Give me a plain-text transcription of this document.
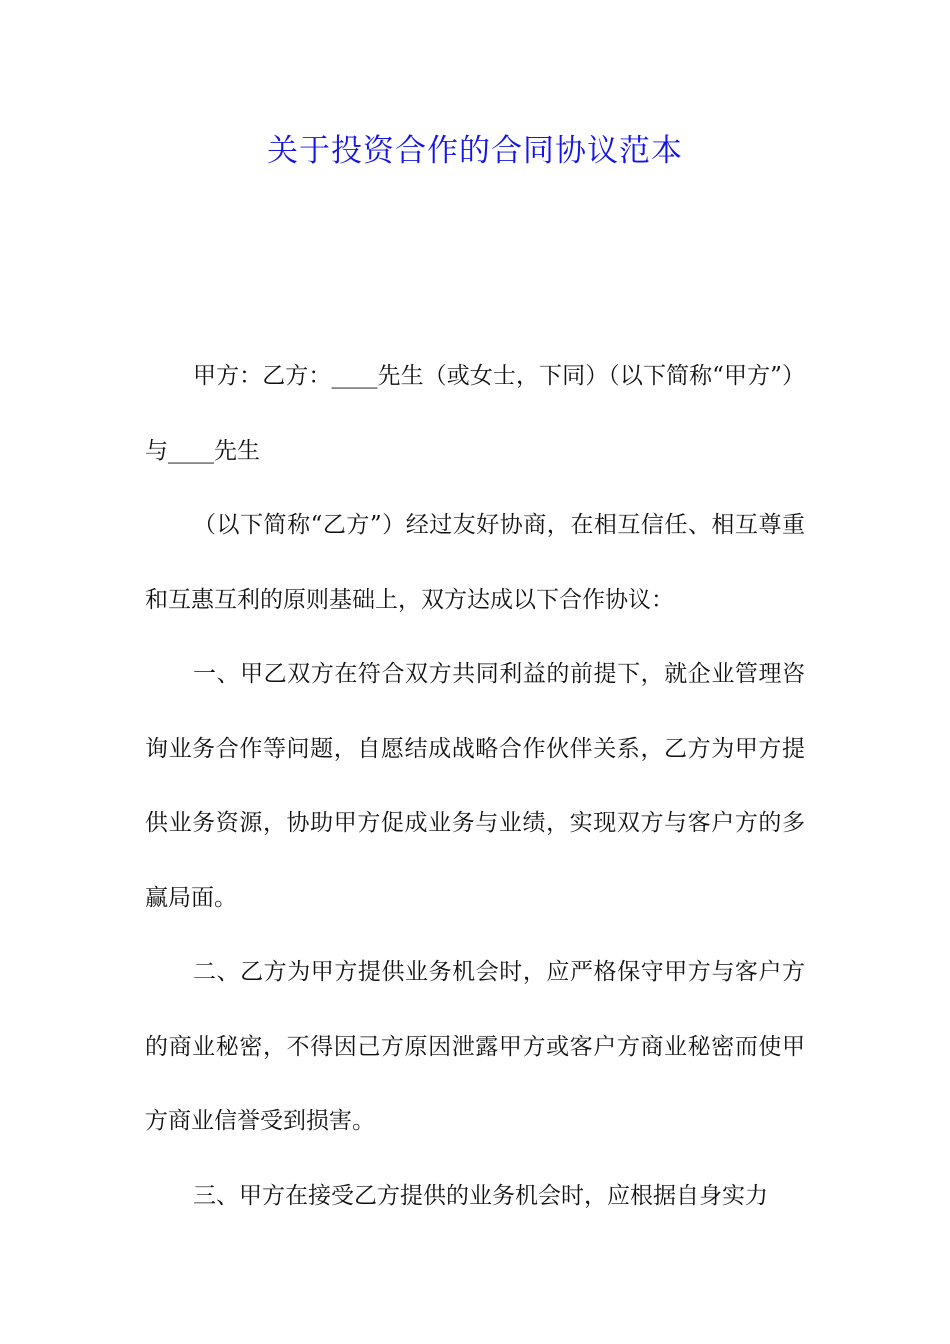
关于投资合作的合同协议范本

甲方：乙方：____先生（或女士，下同）（以下简称“甲方”）与____先生

（以下简称“乙方”）经过友好协商，在相互信任、相互尊重和互惠互利的原则基础上，双方达成以下合作协议：

一、甲乙双方在符合双方共同利益的前提下，就企业管理咨询业务合作等问题，自愿结成战略合作伙伴关系，乙方为甲方提供业务资源，协助甲方促成业务与业绩，实现双方与客户方的多赢局面。

二、乙方为甲方提供业务机会时，应严格保守甲方与客户方的商业秘密，不得因己方原因泄露甲方或客户方商业秘密而使甲方商业信誉受到损害。

三、甲方在接受乙方提供的业务机会时，应根据自身实力
